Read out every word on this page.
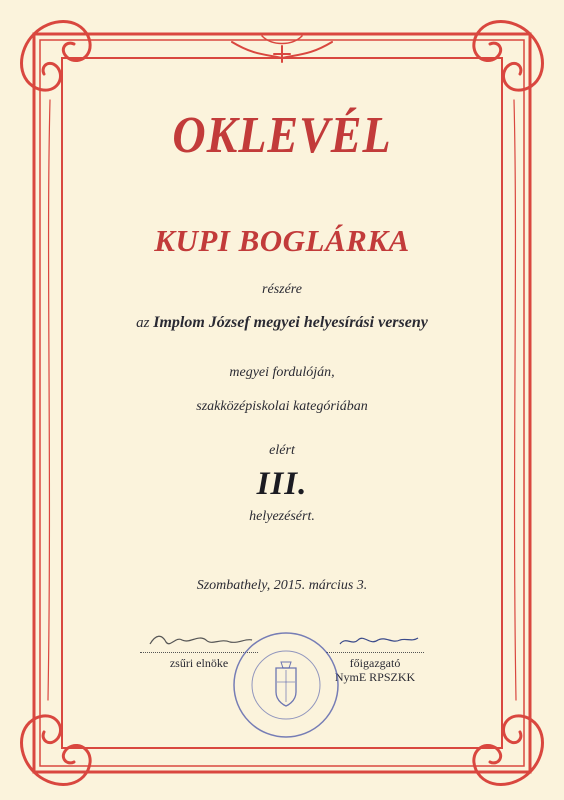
OKLEVÉL
KUPI BOGLÁRKA
részére
az Implom József megyei helyesírási verseny
megyei fordulóján,
szakközépiskolai kategóriában
elért
III.
helyezésért.
Szombathely, 2015. március 3.
zsűri elnöke	főigazgató
NymE RPSZKK
